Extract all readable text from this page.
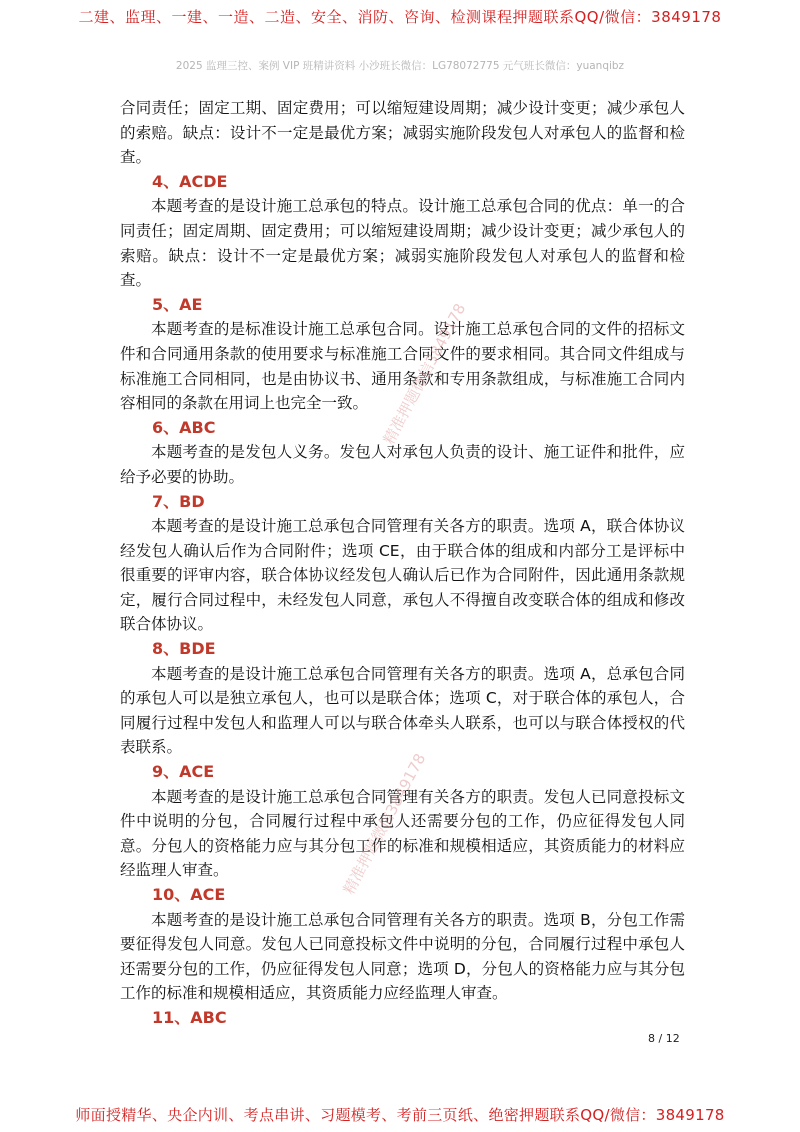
二建、监理、一建、一造、二造、安全、消防、咨询、检测课程押题联系QQ/微信：3849178
2025 监理三控、案例 VIP 班精讲资料 小沙班长微信：LG78072775 元气班长微信：yuanqibz

合同责任；固定工期、固定费用；可以缩短建设周期；减少设计变更；减少承包人的索赔。缺点：设计不一定是最优方案；减弱实施阶段发包人对承包人的监督和检查。

4、ACDE

本题考查的是设计施工总承包的特点。设计施工总承包合同的优点：单一的合同责任；固定周期、固定费用；可以缩短建设周期；减少设计变更；减少承包人的索赔。缺点：设计不一定是最优方案；减弱实施阶段发包人对承包人的监督和检查。

5、AE

本题考查的是标准设计施工总承包合同。设计施工总承包合同的文件的招标文件和合同通用条款的使用要求与标准施工合同文件的要求相同。其合同文件组成与标准施工合同相同，也是由协议书、通用条款和专用条款组成，与标准施工合同内容相同的条款在用词上也完全一致。

6、ABC

本题考查的是发包人义务。发包人对承包人负责的设计、施工证件和批件，应给予必要的协助。

7、BD

本题考查的是设计施工总承包合同管理有关各方的职责。选项 A，联合体协议经发包人确认后作为合同附件；选项 CE，由于联合体的组成和内部分工是评标中很重要的评审内容，联合体协议经发包人确认后已作为合同附件，因此通用条款规定，履行合同过程中，未经发包人同意，承包人不得擅自改变联合体的组成和修改联合体协议。

8、BDE

本题考查的是设计施工总承包合同管理有关各方的职责。选项 A，总承包合同的承包人可以是独立承包人，也可以是联合体；选项 C，对于联合体的承包人，合同履行过程中发包人和监理人可以与联合体牵头人联系，也可以与联合体授权的代表联系。

9、ACE

本题考查的是设计施工总承包合同管理有关各方的职责。发包人已同意投标文件中说明的分包，合同履行过程中承包人还需要分包的工作，仍应征得发包人同意。分包人的资格能力应与其分包工作的标准和规模相适应，其资质能力的材料应经监理人审查。

10、ACE

本题考查的是设计施工总承包合同管理有关各方的职责。选项 B，分包工作需要征得发包人同意。发包人已同意投标文件中说明的分包，合同履行过程中承包人还需要分包的工作，仍应征得发包人同意；选项 D，分包人的资格能力应与其分包工作的标准和规模相适应，其资质能力应经监理人审查。

11、ABC

精准押题微信3849178
精准押题微信3849178
8 / 12
师面授精华、央企内训、考点串讲、习题模考、考前三页纸、绝密押题联系QQ/微信：3849178
